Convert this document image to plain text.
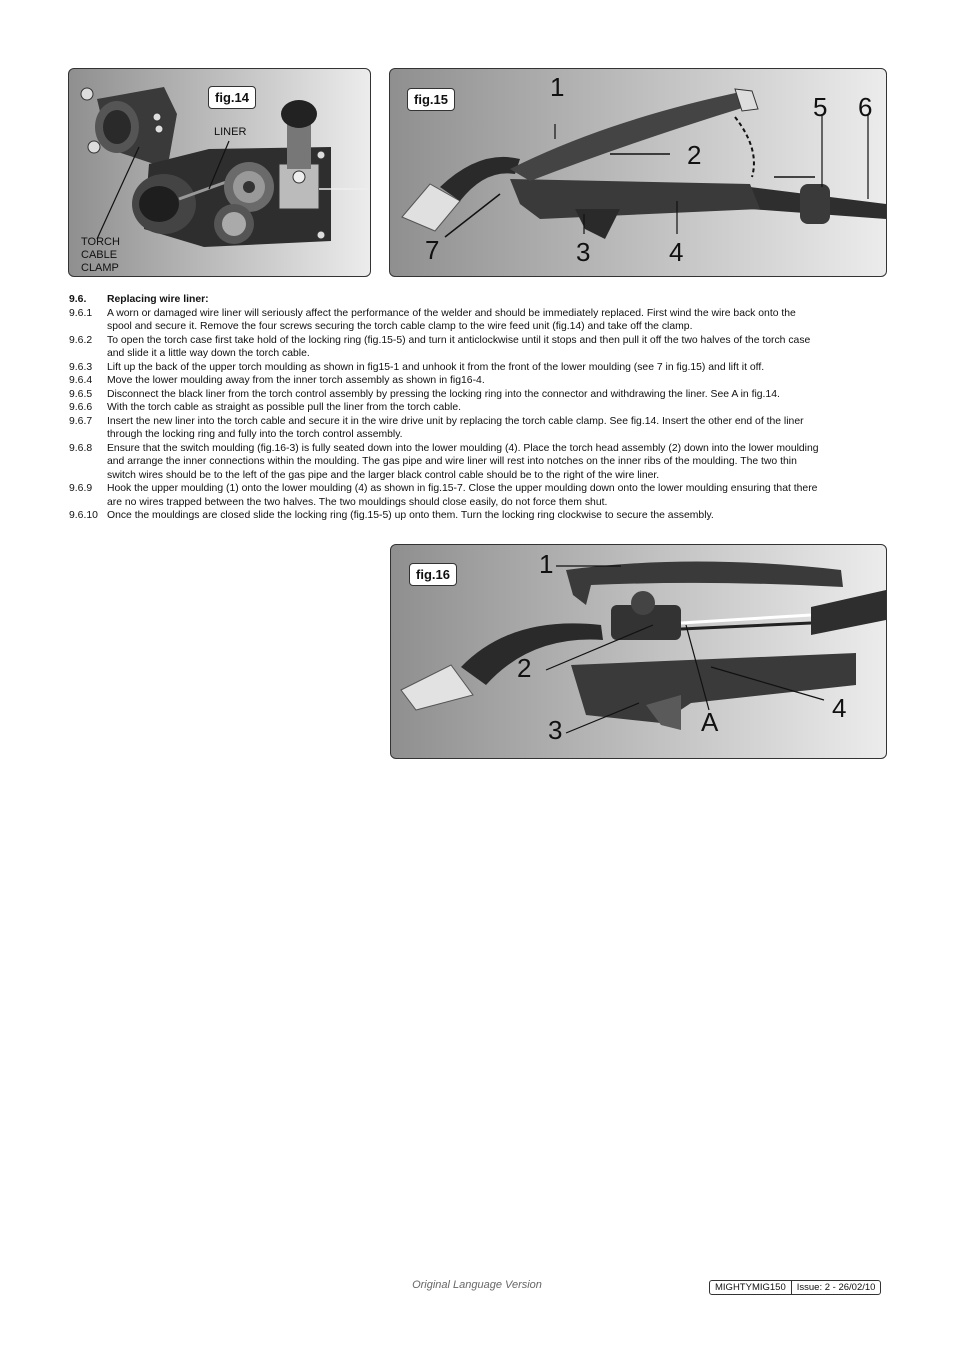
fig.14
LINER
TORCH
CABLE
CLAMP
fig.15	1
2
3	4
5 6
7
9.6.	Replacing wire liner:
9.6.1	A worn or damaged wire liner will seriously affect the performance of the welder and should be immediately replaced. First wind the wire back onto the
spool and secure it. Remove the four screws securing the torch cable clamp to the wire feed unit (fig.14) and take off the clamp.
9.6.2	To open the torch case first take hold of the locking ring (fig.15-5) and turn it anticlockwise until it stops and then pull it off the two halves of the torch case
and slide it a little way down the torch cable.
9.6.3	Lift up the back of the upper torch moulding as shown in fig15-1 and unhook it from the front of the lower moulding (see 7 in fig.15) and lift it off.
9.6.4	Move the lower moulding away from the inner torch assembly as shown in fig16-4.
9.6.5	Disconnect the black liner from the torch control assembly by pressing the locking ring into the connector and withdrawing the liner. See A in fig.14.
9.6.6	With the torch cable as straight as possible pull the liner from the torch cable.
9.6.7	Insert the new liner into the torch cable and secure it in the wire drive unit by replacing the torch cable clamp. See fig.14. Insert the other end of the liner
through the locking ring and fully into the torch control assembly.
9.6.8	Ensure that the switch moulding (fig.16-3) is fully seated down into the lower moulding (4). Place the torch head assembly (2) down into the lower moulding
and arrange the inner connections within the moulding. The gas pipe and wire liner will rest into notches on the inner ribs of the moulding. The two thin
switch wires should be to the left of the gas pipe and the larger black control cable should be to the right of the wire liner.
9.6.9	Hook the upper moulding (1) onto the lower moulding (4) as shown in fig.15-7. Close the upper moulding down onto the lower moulding ensuring that there
are no wires trapped between the two halves. The two mouldings should close easily, do not force them shut.
9.6.10 Once the mouldings are closed slide the locking ring (fig.15-5) up onto them. Turn the locking ring clockwise to secure the assembly.
fig.16	1
2
3
4
A
Original Language Version	MIGHTYMIG150	Issue: 2 - 26/02/10
